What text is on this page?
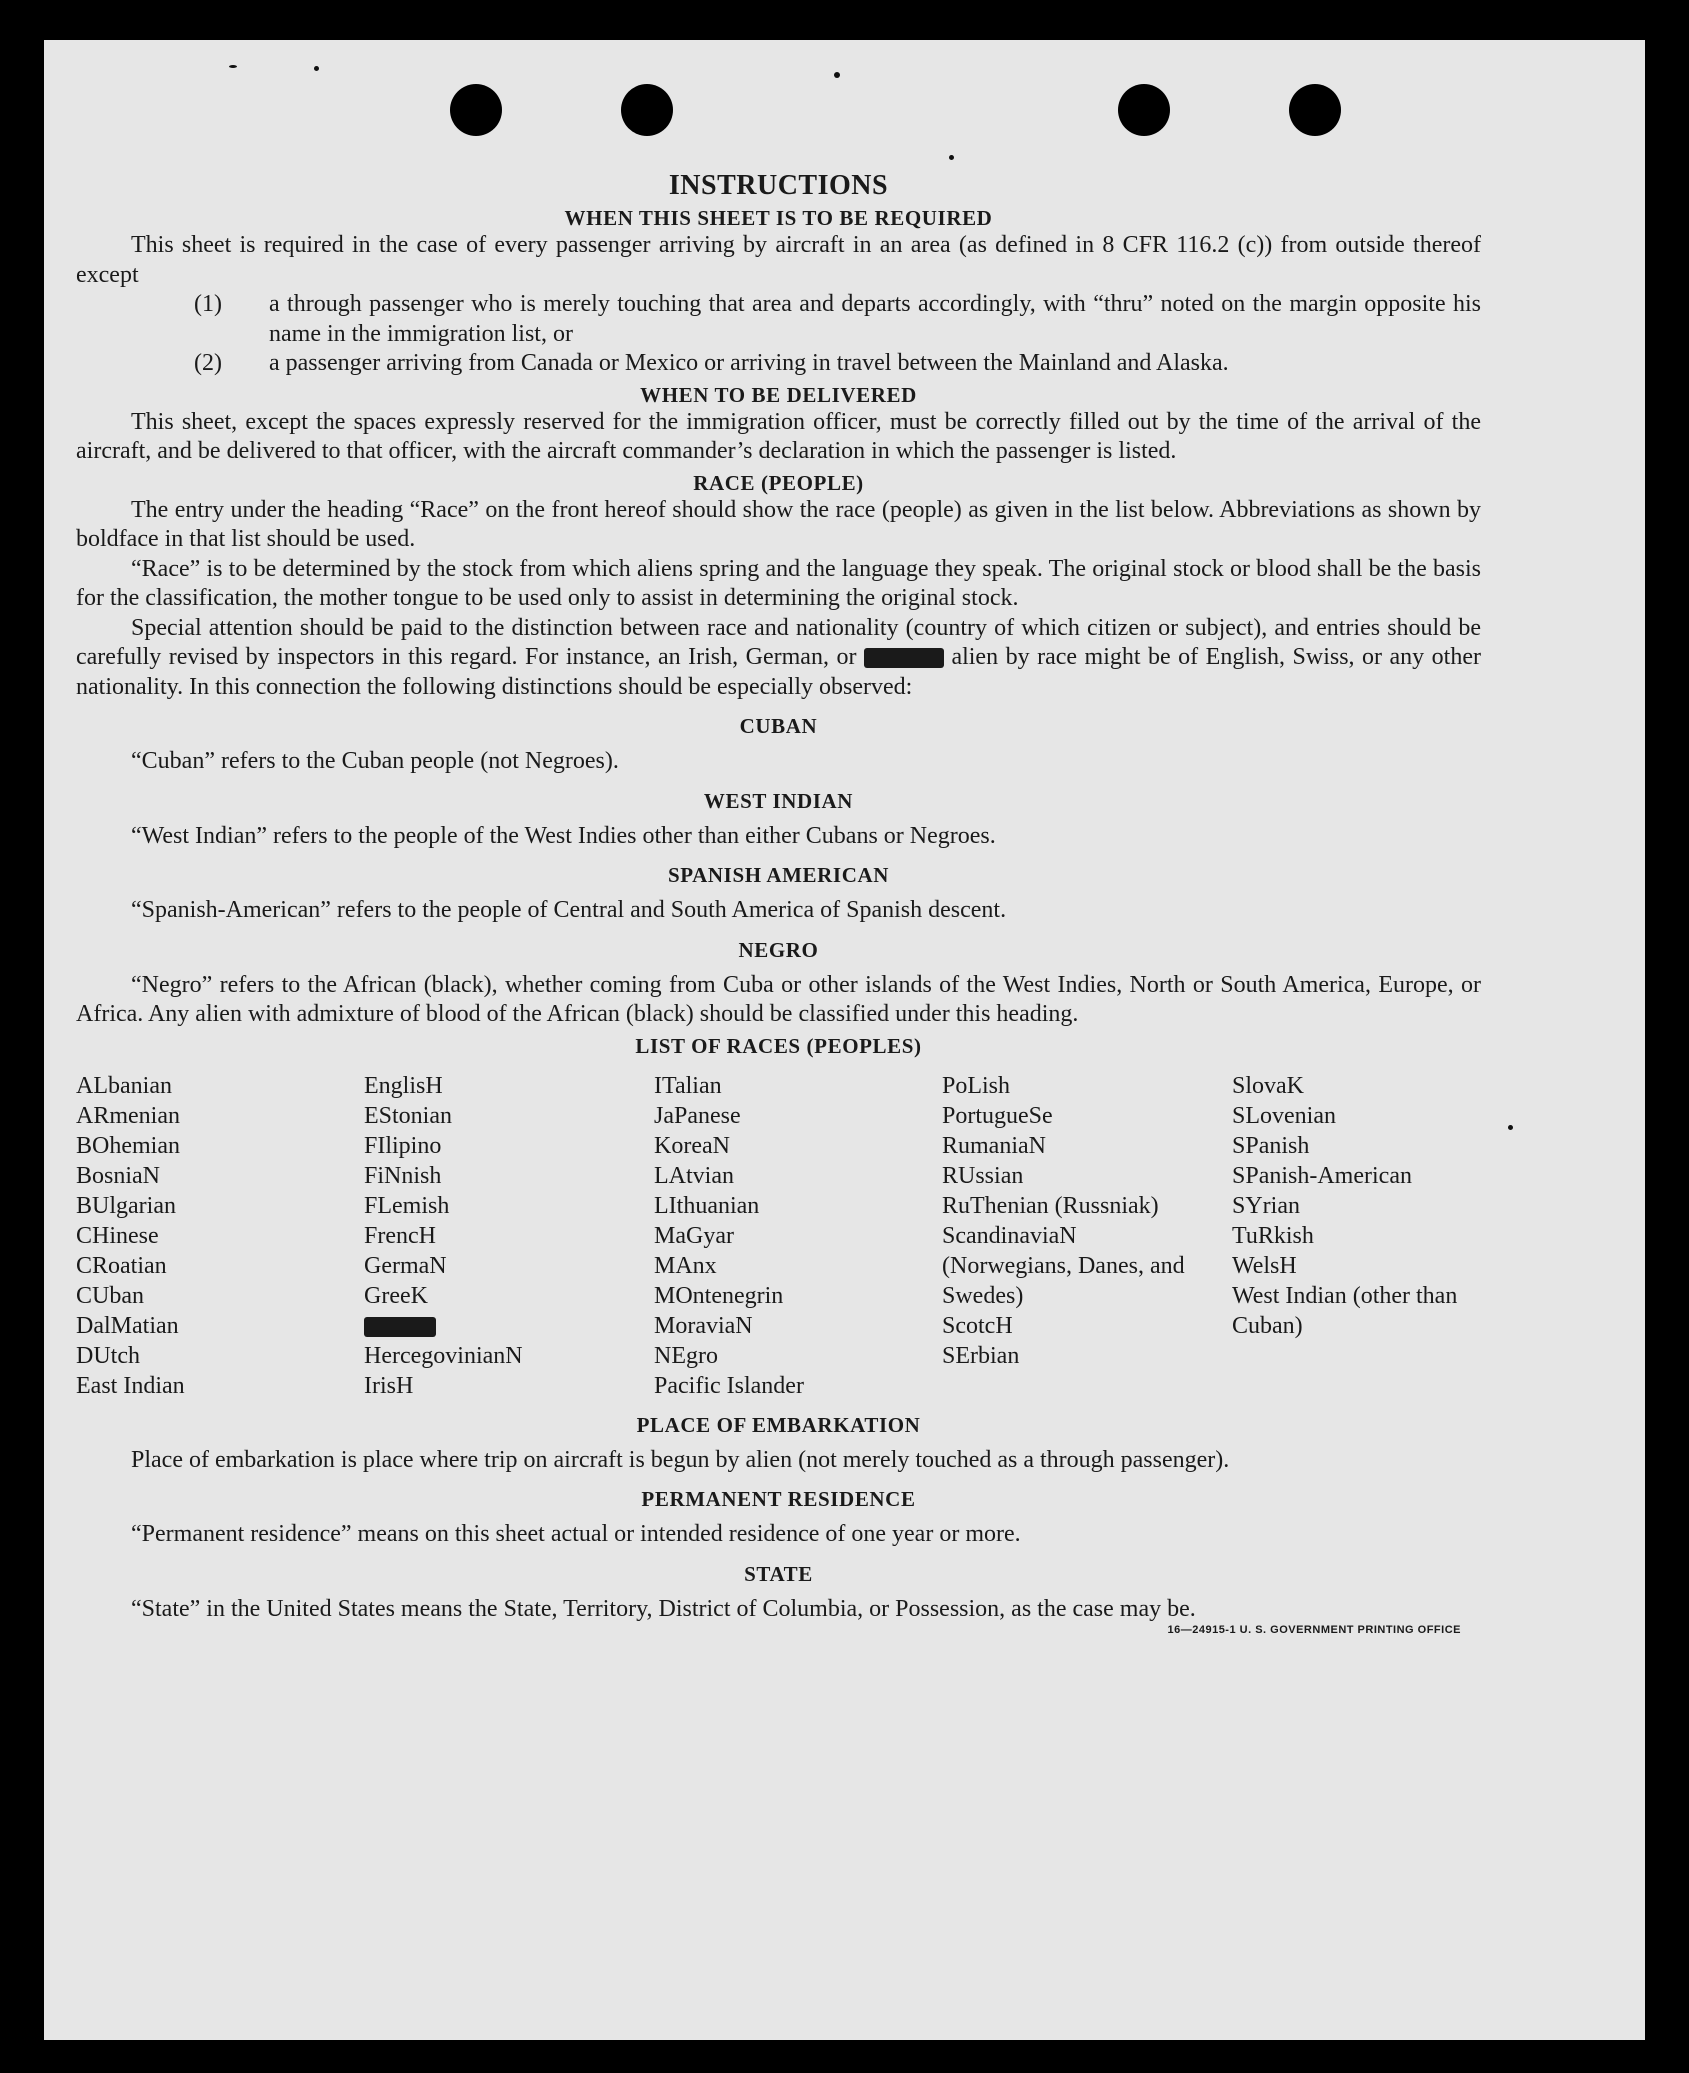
INSTRUCTIONS
WHEN THIS SHEET IS TO BE REQUIRED

This sheet is required in the case of every passenger arriving by aircraft in an area (as defined in 8 CFR 116.2 (c)) from outside thereof except

(1)	a through passenger who is merely touching that area and departs accordingly, with “thru” noted on the margin opposite his name in the immigration list, or
(2)	a passenger arriving from Canada or Mexico or arriving in travel between the Mainland and Alaska.
WHEN TO BE DELIVERED

This sheet, except the spaces expressly reserved for the immigration officer, must be correctly filled out by the time of the arrival of the aircraft, and be delivered to that officer, with the aircraft commander’s declaration in which the passenger is listed.

RACE (PEOPLE)

The entry under the heading “Race” on the front hereof should show the race (people) as given in the list below. Abbreviations as shown by boldface in that list should be used.

“Race” is to be determined by the stock from which aliens spring and the language they speak. The original stock or blood shall be the basis for the classification, the mother tongue to be used only to assist in determining the original stock.

Special attention should be paid to the distinction between race and nationality (country of which citizen or subject), and entries should be carefully revised by inspectors in this regard. For instance, an Irish, German, or	alien by race might be of English, Swiss, or any other nationality. In this connection the following distinctions should be especially observed:

CUBAN

“Cuban” refers to the Cuban people (not Negroes).

WEST INDIAN

“West Indian” refers to the people of the West Indies other than either Cubans or Negroes.

SPANISH AMERICAN

“Spanish-American” refers to the people of Central and South America of Spanish descent.

NEGRO

“Negro” refers to the African (black), whether coming from Cuba or other islands of the West Indies, North or South America, Europe, or Africa. Any alien with admixture of blood of the African (black) should be classified under this heading.

LIST OF RACES (PEOPLES)
ALbanian
ARmenian
BOhemian
BosniaN
BUlgarian
CHinese
CRoatian
CUban
DalMatian
DUtch
East Indian
EnglisH
EStonian
FIlipino
FiNnish
FLemish
FrencH
GermaN
GreeK
HercegovinianN
IrisH
ITalian
JaPanese
KoreaN
LAtvian
LIthuanian
MaGyar
MAnx
MOntenegrin
MoraviaN
NEgro
Pacific Islander
PoLish
PortugueSe
RumaniaN
RUssian
RuThenian (Russniak)
ScandinaviaN (Norwegians, Danes, and Swedes)
ScotcH
SErbian
SlovaK
SLovenian
SPanish
SPanish-American
SYrian
TuRkish
WelsH
West Indian (other than Cuban)
PLACE OF EMBARKATION

Place of embarkation is place where trip on aircraft is begun by alien (not merely touched as a through passenger).

PERMANENT RESIDENCE

“Permanent residence” means on this sheet actual or intended residence of one year or more.

STATE

“State” in the United States means the State, Territory, District of Columbia, or Possession, as the case may be.

16—24915-1 U. S. GOVERNMENT PRINTING OFFICE
